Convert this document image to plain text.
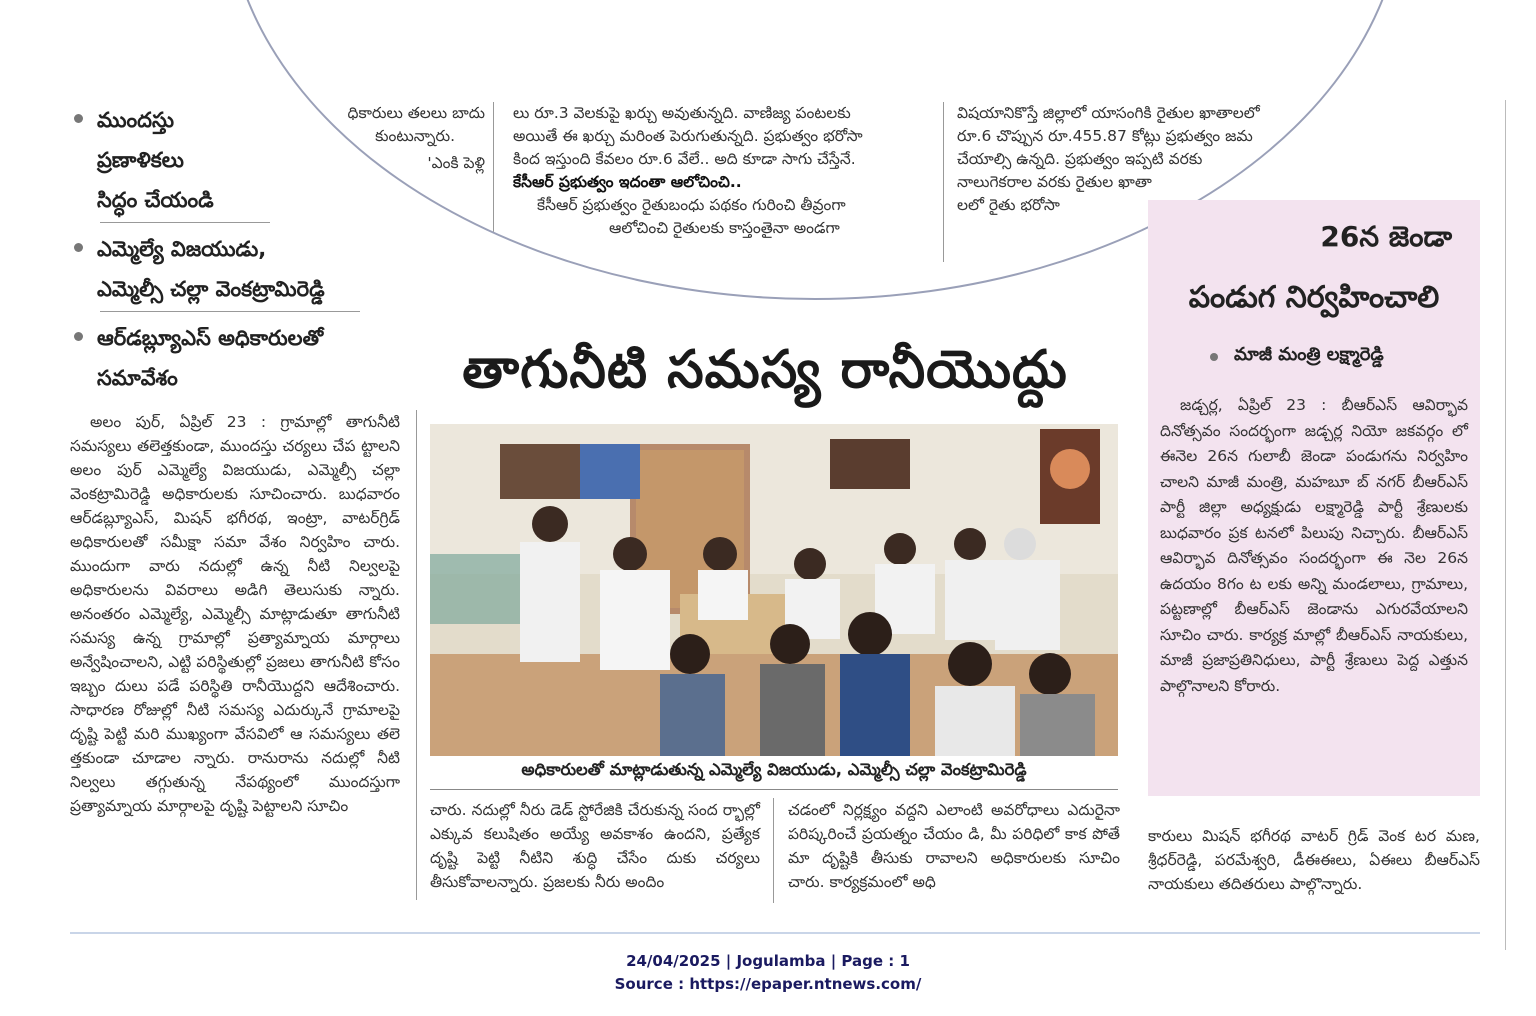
ధికారులు తలలు బాదు

కుంటున్నారు.

'ఎంకి పెళ్లి

లు రూ.3 వెలకుపై ఖర్చు అవుతున్నది. వాణిజ్య పంటలకు

అయితే ఈ ఖర్చు మరింత పెరుగుతున్నది. ప్రభుత్వం భరోసా

కింద ఇస్తుంది కేవలం రూ.6 వేలే.. అది కూడా సాగు చేస్తేనే.

కేసీఆర్ ప్రభుత్వం ఇదంతా ఆలోచించి..

కేసీఆర్ ప్రభుత్వం రైతుబంధు పథకం గురించి తీవ్రంగా

ఆలోచించి రైతులకు కాస్తంతైనా అండగా

విషయానికొస్తే జిల్లాలో యాసంగికి రైతుల ఖాతాలలో

రూ.6 చొప్పున రూ.455.87 కోట్లు ప్రభుత్వం జమ

చేయాల్సి ఉన్నది. ప్రభుత్వం ఇప్పటి వరకు

నాలుగెకరాల వరకు రైతుల ఖాతా

లలో రైతు భరోసా

ముందస్తు
ప్రణాళికలు
సిద్ధం చేయండి
ఎమ్మెల్యే విజయుడు,
ఎమ్మెల్సీ చల్లా వెంకట్రామిరెడ్డి
ఆర్‌డబ్ల్యూఎస్ అధికారులతో
సమావేశం	తాగునీటి సమస్య రానీయొద్దు
అధికారులతో మాట్లాడుతున్న ఎమ్మెల్యే విజయుడు, ఎమ్మెల్సీ చల్లా వెంకట్రామిరెడ్డి

అలం పుర్, ఏప్రిల్ 23 : గ్రామాల్లో తాగునీటి సమస్యలు తలెత్తకుండా, ముందస్తు చర్యలు చేప ట్టాలని అలం పుర్ ఎమ్మెల్యే విజయుడు, ఎమ్మెల్సీ చల్లా వెంకట్రామిరెడ్డి అధికారులకు సూచించారు. బుధవారం ఆర్‌డబ్ల్యూఎస్, మిషన్ భగీరథ, ఇంట్రా, వాటర్‌గ్రిడ్ అధికారులతో సమీక్షా సమా వేశం నిర్వహిం చారు. ముందుగా వారు నదుల్లో ఉన్న నీటి నిల్వలపై అధికారులను వివరాలు అడిగి తెలుసుకు న్నారు. అనంతరం ఎమ్మెల్యే, ఎమ్మెల్సీ మాట్లాడుతూ తాగునీటి సమస్య ఉన్న గ్రామాల్లో ప్రత్యామ్నాయ మార్గాలు అన్వేషించాలని, ఎట్టి పరిస్థితుల్లో ప్రజలు తాగునీటి కోసం ఇబ్బం దులు పడే పరిస్థితి రానీయొద్దని ఆదేశించారు. సాధారణ రోజుల్లో నీటి సమస్య ఎదుర్కునే గ్రామాలపై దృష్టి పెట్టి మరి ముఖ్యంగా వేసవిలో ఆ సమస్యలు తలె త్తకుండా చూడాల న్నారు. రానురాను నదుల్లో నీటి నిల్వలు తగ్గుతున్న నేపథ్యంలో ముందస్తుగా ప్రత్యామ్నాయ మార్గాలపై దృష్టి పెట్టాలని సూచిం	చారు. నదుల్లో నీరు డెడ్ స్టోరేజికి చేరుకున్న సంద ర్భాల్లో ఎక్కువ కలుషితం అయ్యే అవకాశం ఉందని, ప్రత్యేక దృష్టి పెట్టి నీటిని శుద్ధి చేసేం దుకు చర్యలు తీసుకోవాలన్నారు. ప్రజలకు నీరు అందిం

చడంలో నిర్లక్ష్యం వద్దని ఎలాంటి అవరోధాలు ఎదురైనా పరిష్కరించే ప్రయత్నం చేయం డి, మీ పరిధిలో కాక పోతే మా దృష్టికి తీసుకు రావాలని అధికారులకు సూచిం చారు. కార్యక్రమంలో అధి

26న జెండా
పండుగ నిర్వహించాలి
మాజీ మంత్రి లక్ష్మారెడ్డి

జడ్చర్ల, ఏప్రిల్ 23 : బీఆర్‌ఎస్ ఆవిర్భావ దినోత్సవం సందర్భంగా జడ్చర్ల నియో జకవర్గం లో ఈనెల 26న గులాబీ జెండా పండుగను నిర్వహిం చాలని మాజీ మంత్రి, మహబూ బ్ నగర్ బీఆర్‌ఎస్ పార్టీ జిల్లా అధ్యక్షుడు లక్ష్మారెడ్డి పార్టీ శ్రేణులకు బుధవారం ప్రక టనలో పిలుపు నిచ్చారు. బీఆర్‌ఎస్ ఆవిర్భావ దినోత్సవం సందర్భంగా ఈ నెల 26న ఉదయం 8గం ట లకు అన్ని మండలాలు, గ్రామాలు, పట్టణాల్లో బీఆర్‌ఎస్ జెండాను ఎగురవేయాలని సూచిం చారు. కార్యక్ర మాల్లో బీఆర్‌ఎస్ నాయకులు, మాజీ ప్రజాప్రతినిధులు, పార్టీ శ్రేణులు పెద్ద ఎత్తున పాల్గొనాలని కోరారు.

కారులు మిషన్ భగీరథ వాటర్ గ్రిడ్ వెంక టర మణ, శ్రీధర్‌రెడ్డి, పరమేశ్వరి, డీఈఈలు, ఏఈలు బీఆర్‌ఎస్ నాయకులు తదితరులు పాల్గొన్నారు.

24/04/2025 | Jogulamba | Page : 1
Source : https://epaper.ntnews.com/
